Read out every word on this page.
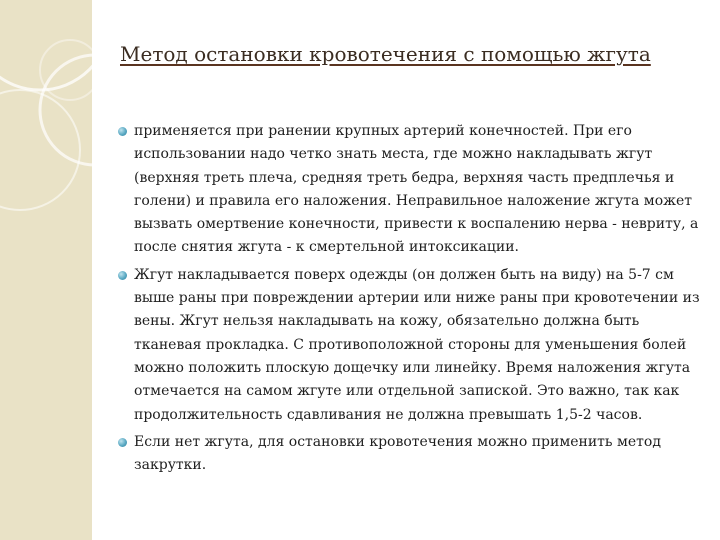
Метод остановки кровотечения с помощью жгута
применяется при ранении крупных артерий конечностей. При его использовании надо четко знать места, где можно накладывать жгут (верхняя треть плеча, средняя треть бедра, верхняя часть предплечья и голени) и правила его наложения. Неправильное наложение жгута может вызвать омертвение конечности, привести к воспалению нерва - невриту, а после снятия жгута - к смертельной интоксикации.
Жгут накладывается поверх одежды (он должен быть на виду) на 5-7 см выше раны при повреждении артерии или ниже раны при кровотечении из вены. Жгут нельзя накладывать на кожу, обязательно должна быть тканевая прокладка. С противоположной стороны для уменьшения болей можно положить плоскую дощечку или линейку. Время наложения жгута отмечается на самом жгуте или отдельной запиской. Это важно, так как продолжительность сдавливания не должна превышать 1,5-2 часов.
Если нет жгута, для остановки кровотечения можно применить метод закрутки.
